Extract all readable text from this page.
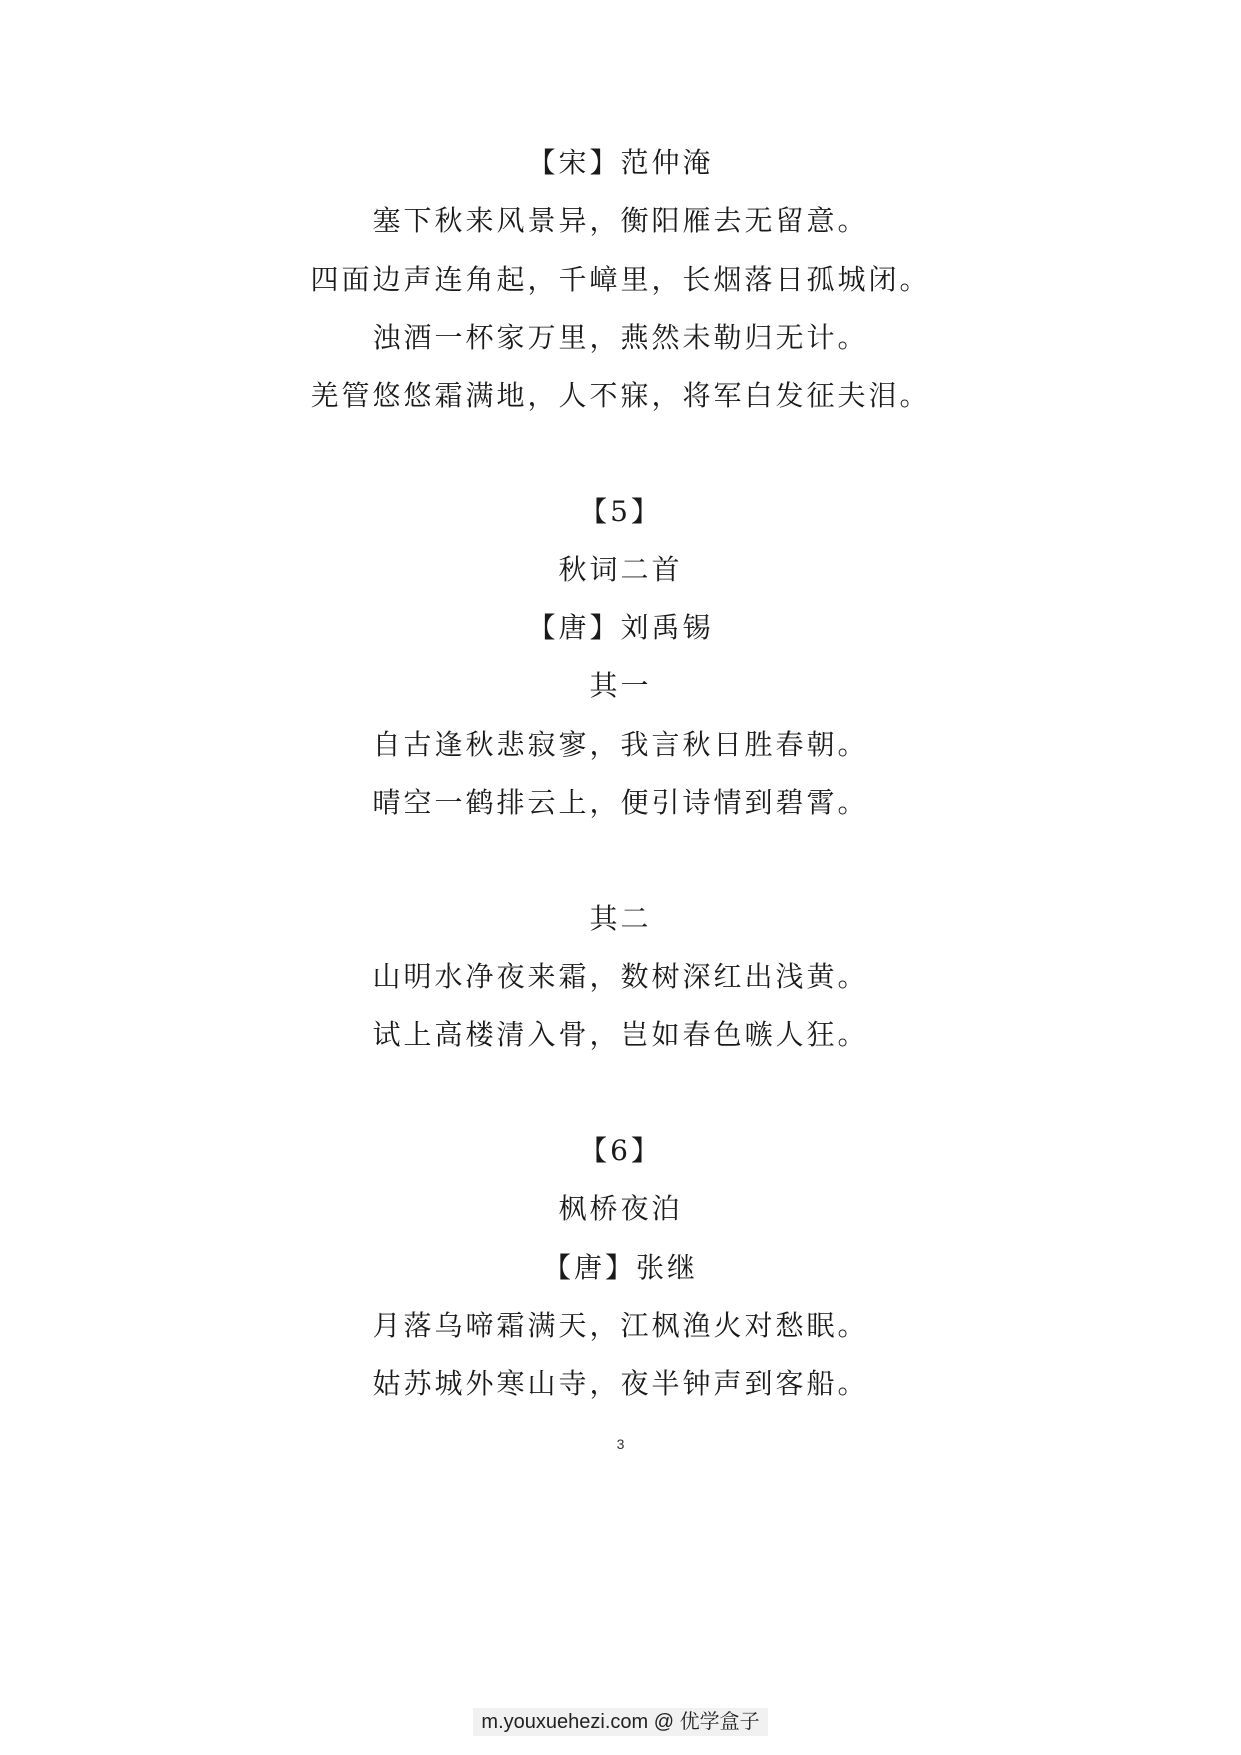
【宋】范仲淹
塞下秋来风景异，衡阳雁去无留意。
四面边声连角起，千嶂里，长烟落日孤城闭。
浊酒一杯家万里，燕然未勒归无计。
羌管悠悠霜满地，人不寐，将军白发征夫泪。
【5】
秋词二首
【唐】刘禹锡
其一
自古逢秋悲寂寥，我言秋日胜春朝。
晴空一鹤排云上，便引诗情到碧霄。
其二
山明水净夜来霜，数树深红出浅黄。
试上高楼清入骨，岂如春色嗾人狂。
【6】
枫桥夜泊
【唐】张继
月落乌啼霜满天，江枫渔火对愁眠。
姑苏城外寒山寺，夜半钟声到客船。
3
m.youxuehezi.com @ 优学盒子
